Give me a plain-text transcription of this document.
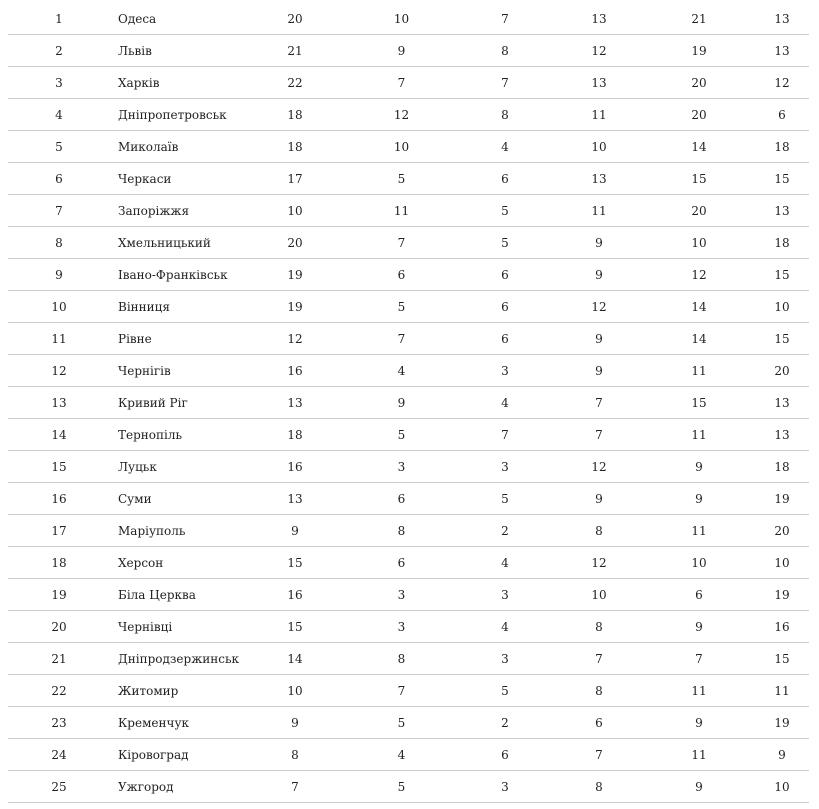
1	Одеса	20	10	7	13	21	13
2	Львів	21	9	8	12	19	13
3	Харків	22	7	7	13	20	12
4	Дніпропетровськ	18	12	8	11	20	6
5	Миколаїв	18	10	4	10	14	18
6	Черкаси	17	5	6	13	15	15
7	Запоріжжя	10	11	5	11	20	13
8	Хмельницький	20	7	5	9	10	18
9	Івано-Франківськ	19	6	6	9	12	15
10	Вінниця	19	5	6	12	14	10
11	Рівне	12	7	6	9	14	15
12	Чернігів	16	4	3	9	11	20
13	Кривий Ріг	13	9	4	7	15	13
14	Тернопіль	18	5	7	7	11	13
15	Луцьк	16	3	3	12	9	18
16	Суми	13	6	5	9	9	19
17	Маріуполь	9	8	2	8	11	20
18	Херсон	15	6	4	12	10	10
19	Біла Церква	16	3	3	10	6	19
20	Чернівці	15	3	4	8	9	16
21	Дніпродзержинськ	14	8	3	7	7	15
22	Житомир	10	7	5	8	11	11
23	Кременчук	9	5	2	6	9	19
24	Кіровоград	8	4	6	7	11	9
25	Ужгород	7	5	3	8	9	10
